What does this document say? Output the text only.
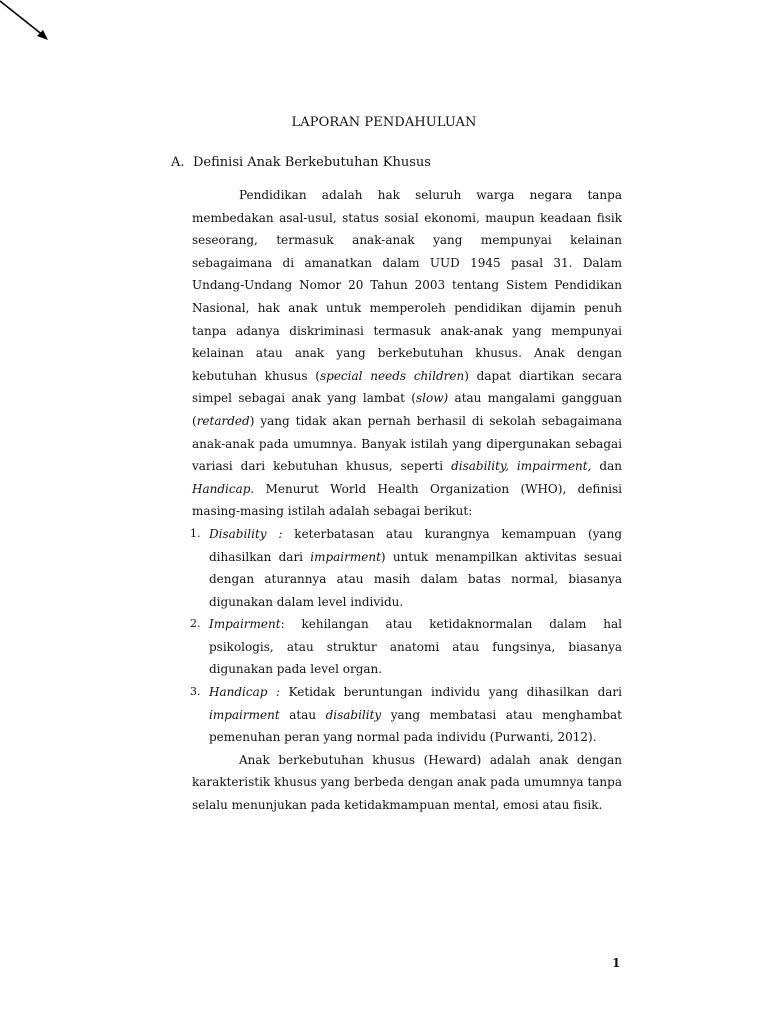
LAPORAN PENDAHULUAN
A. Definisi Anak Berkebutuhan Khusus

Pendidikan adalah hak seluruh warga negara tanpa membedakan asal-usul, status sosial ekonomi, maupun keadaan fisik seseorang, termasuk anak-anak yang mempunyai kelainan sebagaimana di amanatkan dalam UUD 1945 pasal 31. Dalam Undang-Undang Nomor 20 Tahun 2003 tentang Sistem Pendidikan Nasional, hak anak untuk memperoleh pendidikan dijamin penuh tanpa adanya diskriminasi termasuk anak-anak yang mempunyai kelainan atau anak yang berkebutuhan khusus. Anak dengan kebutuhan khusus (special needs children) dapat diartikan secara simpel sebagai anak yang lambat (slow) atau mangalami gangguan (retarded) yang tidak akan pernah berhasil di sekolah sebagaimana anak-anak pada umumnya. Banyak istilah yang dipergunakan sebagai variasi dari kebutuhan khusus, seperti disability, impairment, dan Handicap. Menurut World Health Organization (WHO), definisi masing-masing istilah adalah sebagai berikut:

1. Disability : keterbatasan atau kurangnya kemampuan (yang dihasilkan dari impairment) untuk menampilkan aktivitas sesuai dengan aturannya atau masih dalam batas normal, biasanya digunakan dalam level individu.
2. Impairment: kehilangan atau ketidaknormalan dalam hal psikologis, atau struktur anatomi atau fungsinya, biasanya digunakan pada level organ.
3. Handicap : Ketidak beruntungan individu yang dihasilkan dari impairment atau disability yang membatasi atau menghambat pemenuhan peran yang normal pada individu (Purwanti, 2012).

Anak berkebutuhan khusus (Heward) adalah anak dengan karakteristik khusus yang berbeda dengan anak pada umumnya tanpa selalu menunjukan pada ketidakmampuan mental, emosi atau fisik.

1
